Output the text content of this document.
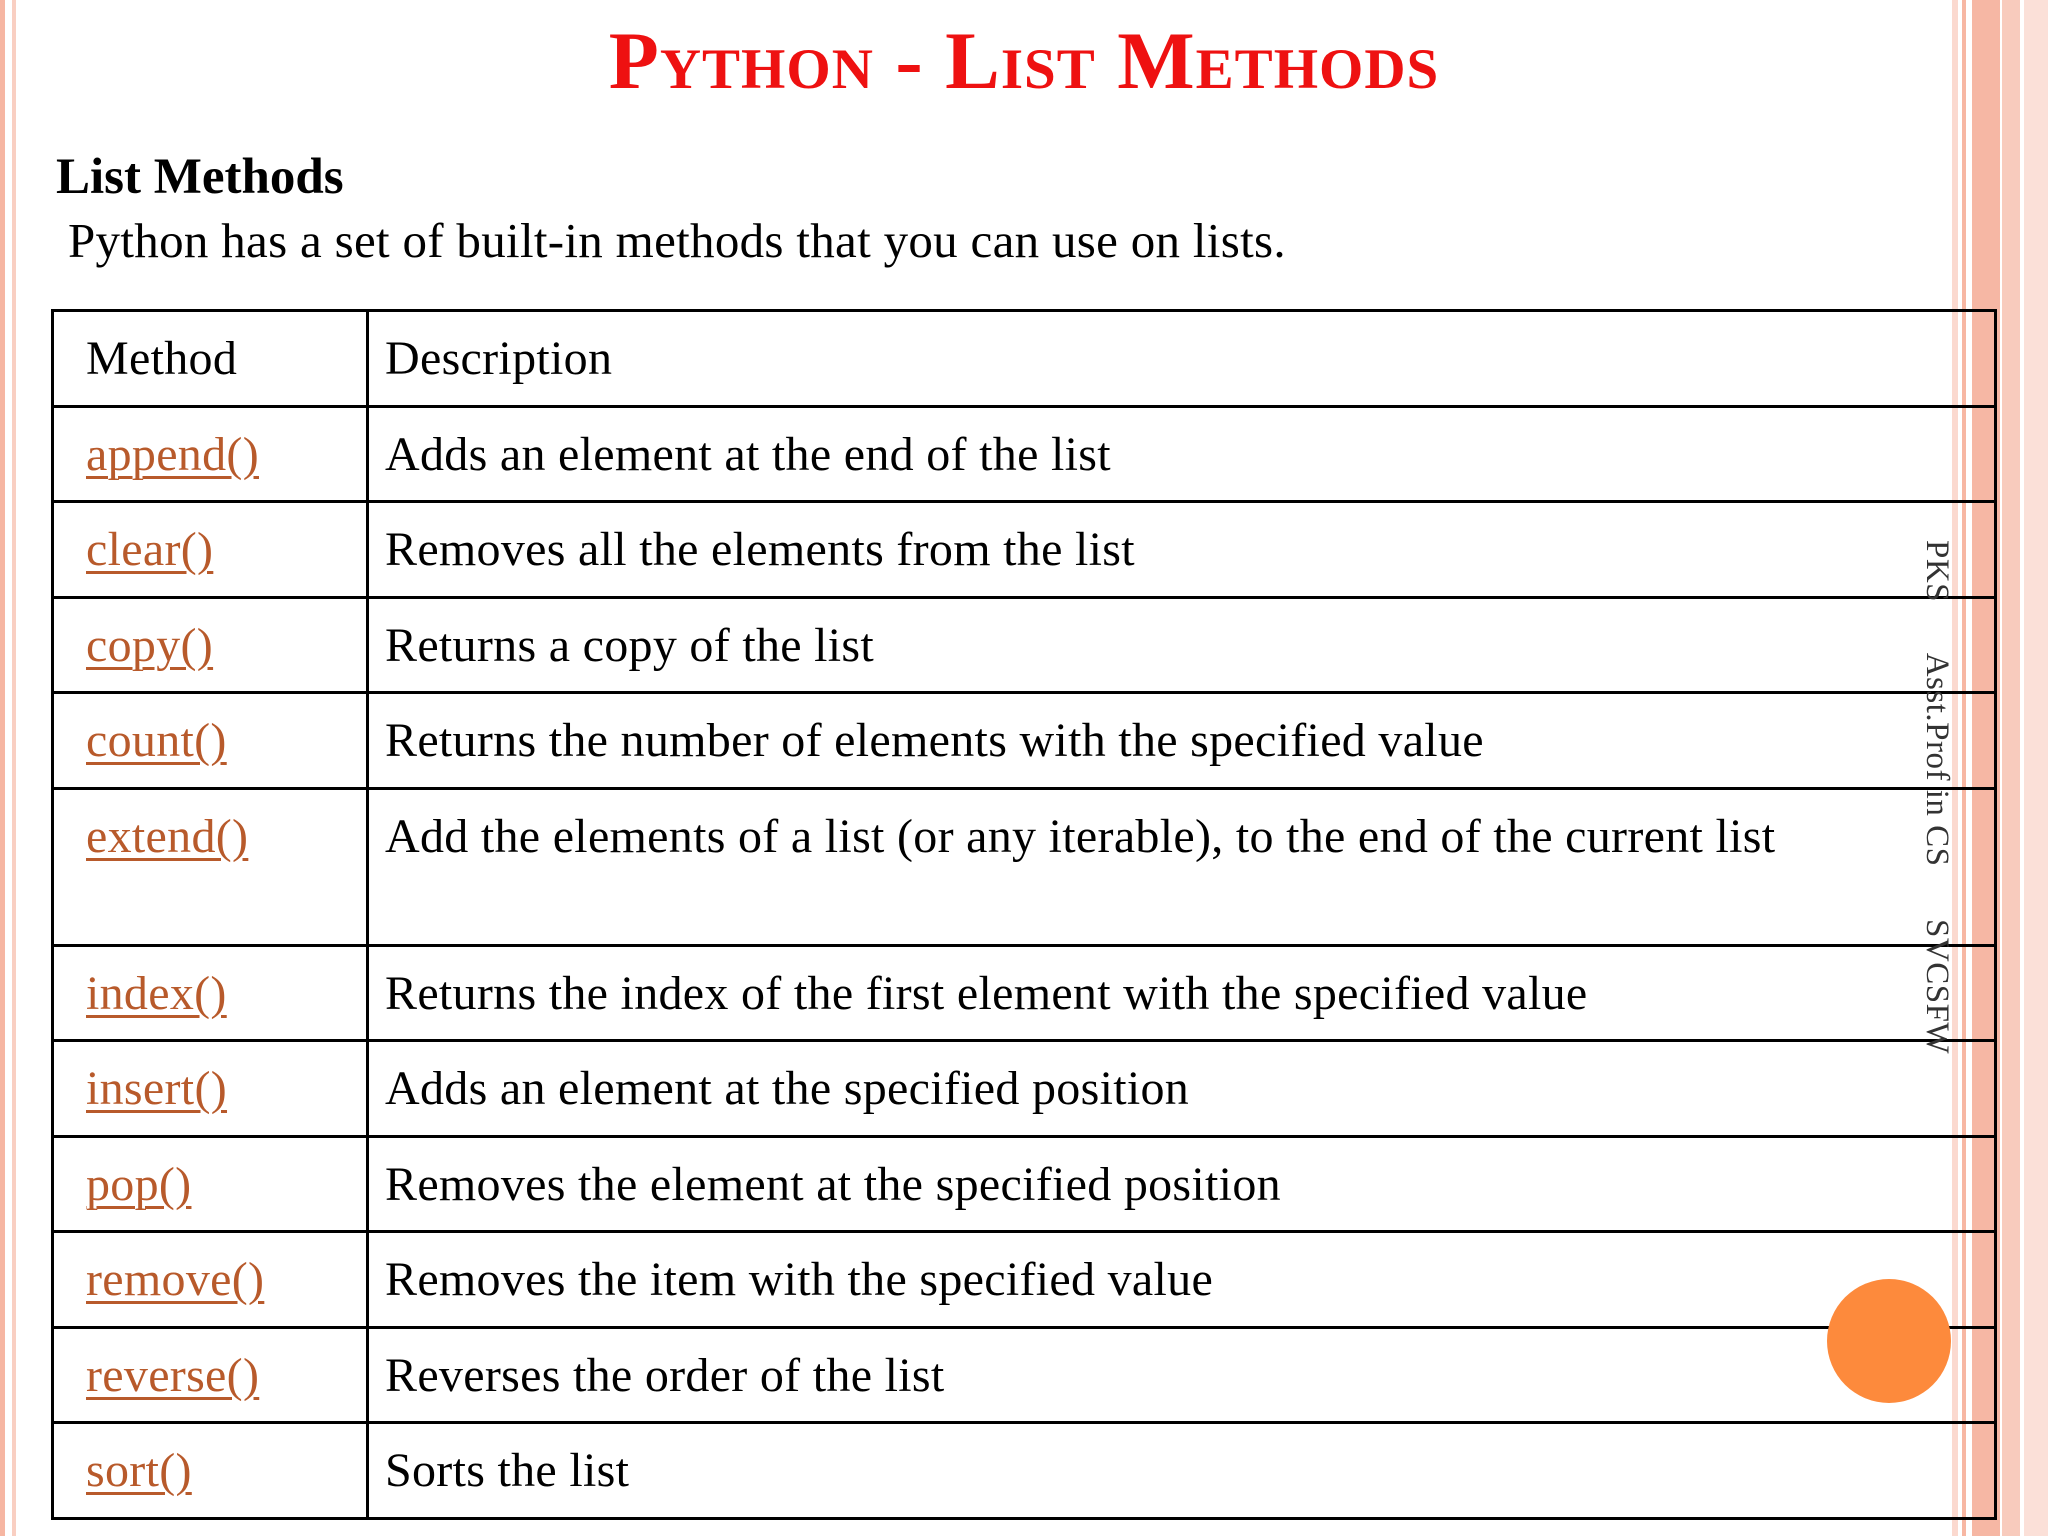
Python - List Methods
List Methods
Python has a set of built-in methods that you can use on lists.
Method	Description
append()	Adds an element at the end of the list
clear()	Removes all the elements from the list
copy()	Returns a copy of the list
count()	Returns the number of elements with the specified value
extend()	Add the elements of a list (or any iterable), to the end of the current list
index()	Returns the index of the first element with the specified value
insert()	Adds an element at the specified position
pop()	Removes the element at the specified position
remove()	Removes the item with the specified value
reverse()	Reverses the order of the list
sort()	Sorts the list
PKS      Asst.Prof in CS      SVCSFW
